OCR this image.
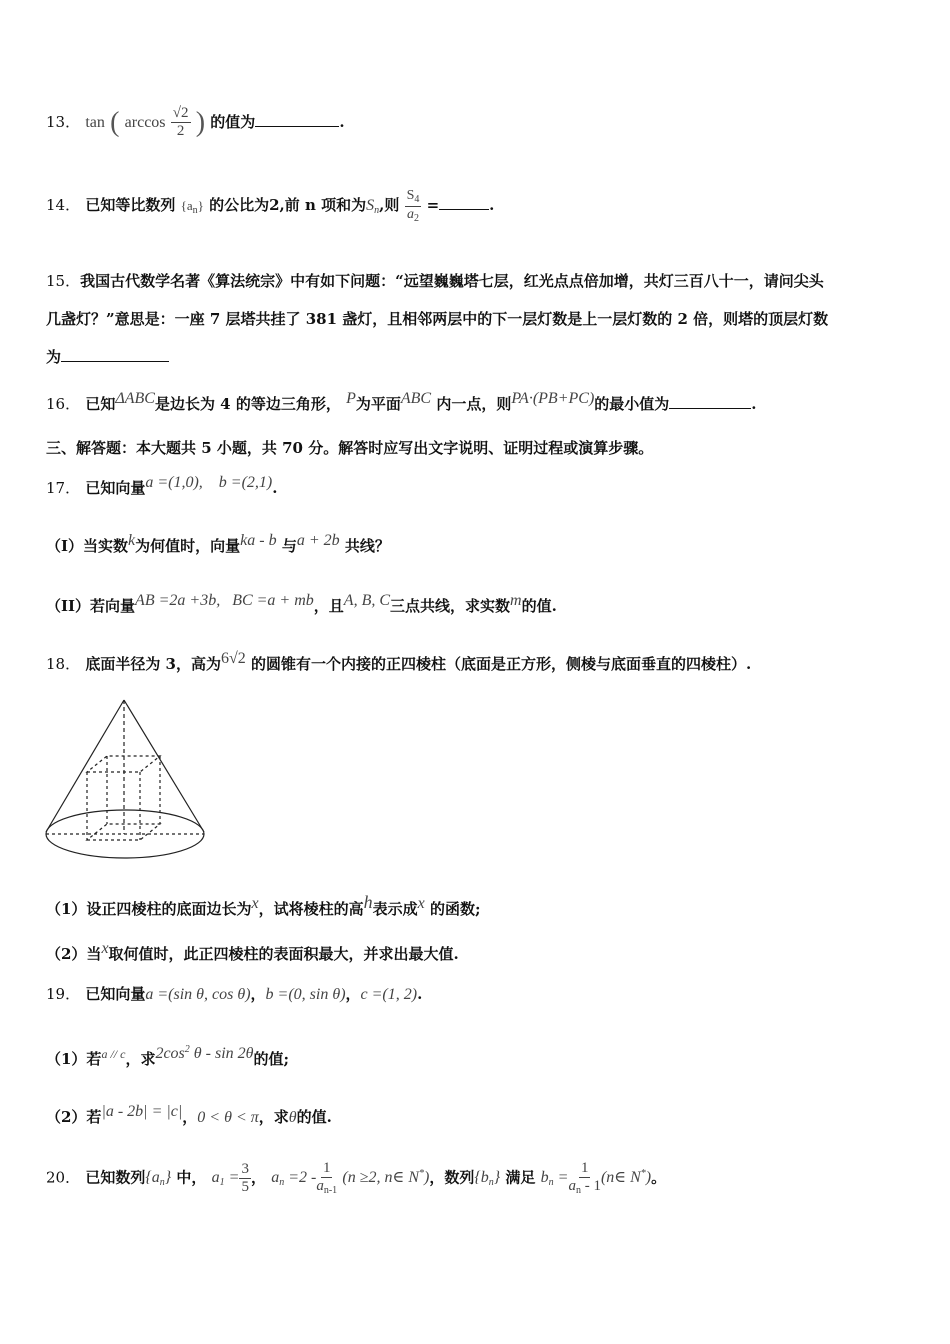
13． tan ( $\arccos \frac{√2}{2}$ ) 的值为	.
14． 已知等比数列 $\{a_n\}$ 的公比为2,前 n 项和为$S_n$,则 $\frac{S_4}{a_2}$ =	.
15．我国古代数学名著《算法统宗》中有如下问题：“远望巍巍塔七层，红光点点倍加增，共灯三百八十一，请问尖头
几盏灯？”意思是：一座 7 层塔共挂了 381 盏灯，且相邻两层中的下一层灯数是上一层灯数的 2 倍，则塔的顶层灯数
为
16． 已知ΔABC是边长为 4 的等边三角形， P为平面ABC 内一点，则PA·(PB+PC)的最小值为	.
三、解答题：本大题共 5 小题，共 70 分。解答时应写出文字说明、证明过程或演算步骤。
17． 已知向量a =(1,0),    b =(2,1).
（I）当实数k为何值时，向量ka - b 与a + 2b 共线？
（II）若向量AB =2a +3b,   BC =a + mb，且A, B, C三点共线，求实数m的值.
18． 底面半径为 3，高为6√2 的圆锥有一个内接的正四棱柱（底面是正方形，侧棱与底面垂直的四棱柱）.
（1）设正四棱柱的底面边长为x，试将棱柱的高h表示成x 的函数;
（2）当x取何值时，此正四棱柱的表面积最大，并求出最大值.
19． 已知向量a =(sin θ, cos θ)，b =(0, sin θ)，c =(1, 2).
（1）若$^{a // c}$，求$2\cos^2$ θ - sin 2θ的值;
（2）若|a - 2b| = |c|，0 < θ < π，求θ的值.
20． 已知数列$\{a_n\}$ 中， $a_1 = \frac{3}{5}$ ， $a_n =2 - \frac{1}{a_{n-1}} (n \ge 2$, n∈ N*)，数列$\{b_n\}$ 满足 $b_n = \frac{1}{a_n - 1}$ (n∈ N*)。
